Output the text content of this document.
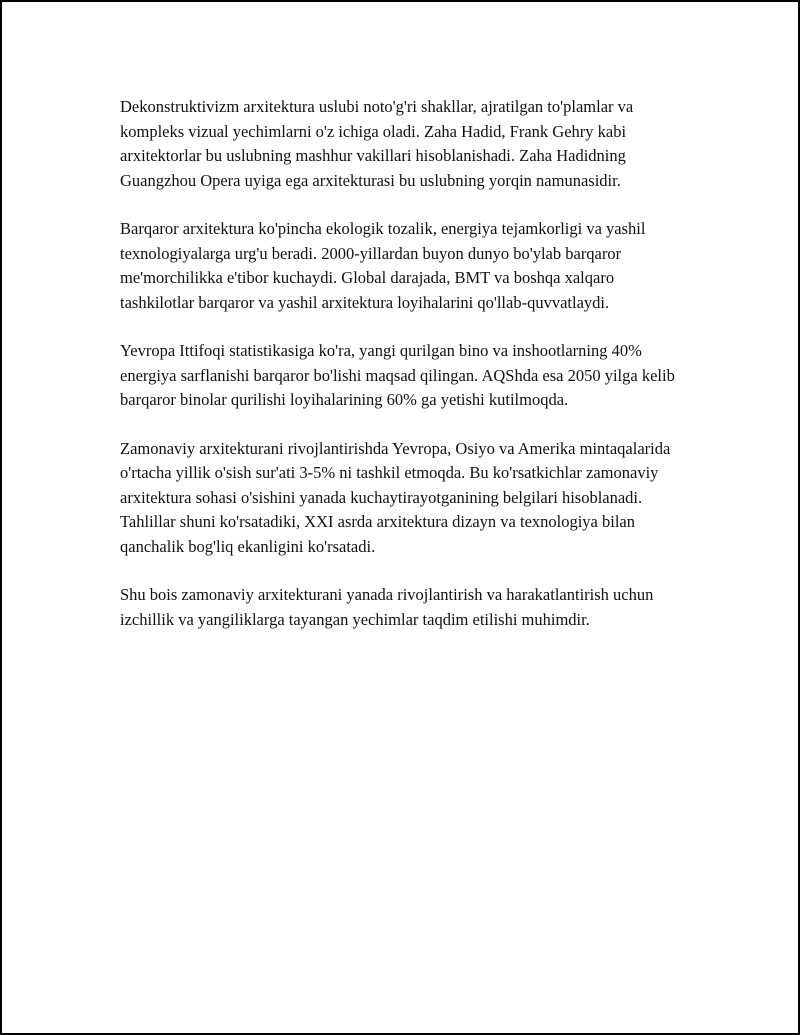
Dekonstruktivizm arxitektura uslubi noto'g'ri shakllar, ajratilgan to'plamlar va kompleks vizual yechimlarni o'z ichiga oladi. Zaha Hadid, Frank Gehry kabi arxitektorlar bu uslubning mashhur vakillari hisoblanishadi. Zaha Hadidning Guangzhou Opera uyiga ega arxitekturasi bu uslubning yorqin namunasidir.

Barqaror arxitektura ko'pincha ekologik tozalik, energiya tejamkorligi va yashil texnologiyalarga urg'u beradi. 2000-yillardan buyon dunyo bo'ylab barqaror me'morchilikka e'tibor kuchaydi. Global darajada, BMT va boshqa xalqaro tashkilotlar barqaror va yashil arxitektura loyihalarini qo'llab-quvvatlaydi.

Yevropa Ittifoqi statistikasiga ko'ra, yangi qurilgan bino va inshootlarning 40% energiya sarflanishi barqaror bo'lishi maqsad qilingan. AQShda esa 2050 yilga kelib barqaror binolar qurilishi loyihalarining 60% ga yetishi kutilmoqda.

Zamonaviy arxitekturani rivojlantirishda Yevropa, Osiyo va Amerika mintaqalarida o'rtacha yillik o'sish sur'ati 3-5% ni tashkil etmoqda. Bu ko'rsatkichlar zamonaviy arxitektura sohasi o'sishini yanada kuchaytirayotganining belgilari hisoblanadi. Tahlillar shuni ko'rsatadiki, XXI asrda arxitektura dizayn va texnologiya bilan qanchalik bog'liq ekanligini ko'rsatadi.

Shu bois zamonaviy arxitekturani yanada rivojlantirish va harakatlantirish uchun izchillik va yangiliklarga tayangan yechimlar taqdim etilishi muhimdir.
